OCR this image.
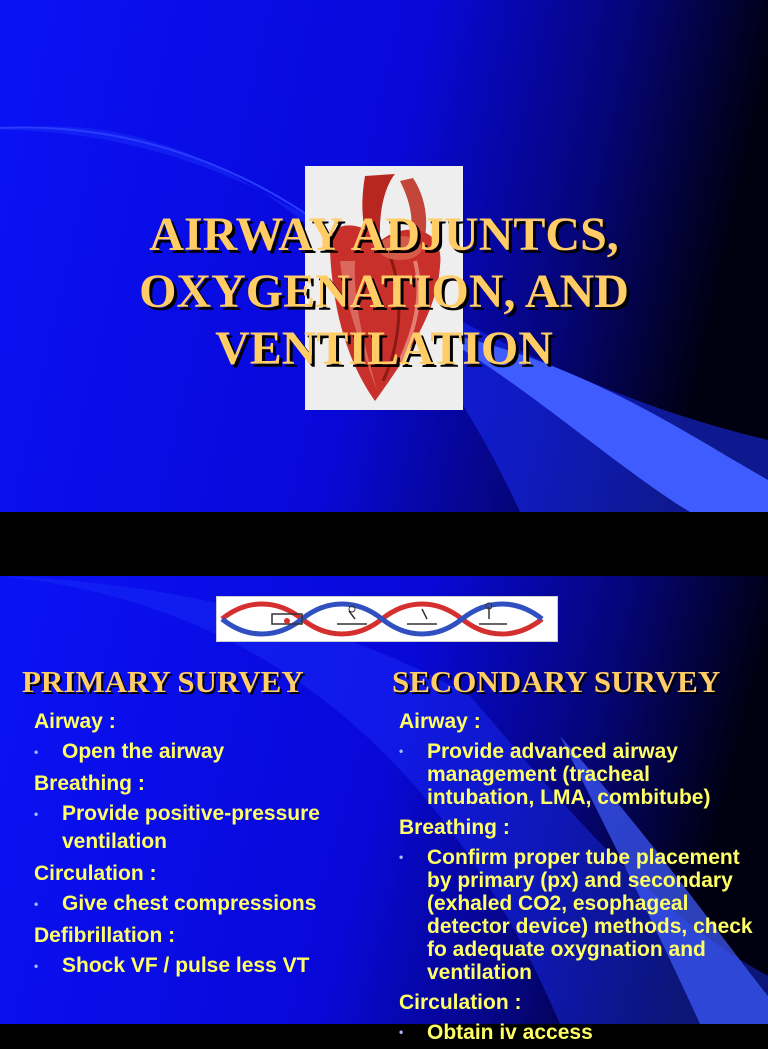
AIRWAY ADJUNTCS,
OXYGENATION, AND
VENTILATION
PRIMARY SURVEY	SECONDARY SURVEY

Airway :

• Open the airway

Breathing :

• Provide positive-pressure ventilation

Circulation :

• Give chest compressions

Defibrillation :

• Shock VF / pulse less VT

Airway :

• Provide advanced airway management (tracheal intubation, LMA, combitube)

Breathing :

• Confirm proper tube placement by primary (px) and secondary (exhaled CO2, esophageal detector device) methods, check fo adequate oxygnation and ventilation

Circulation :

• Obtain iv access
